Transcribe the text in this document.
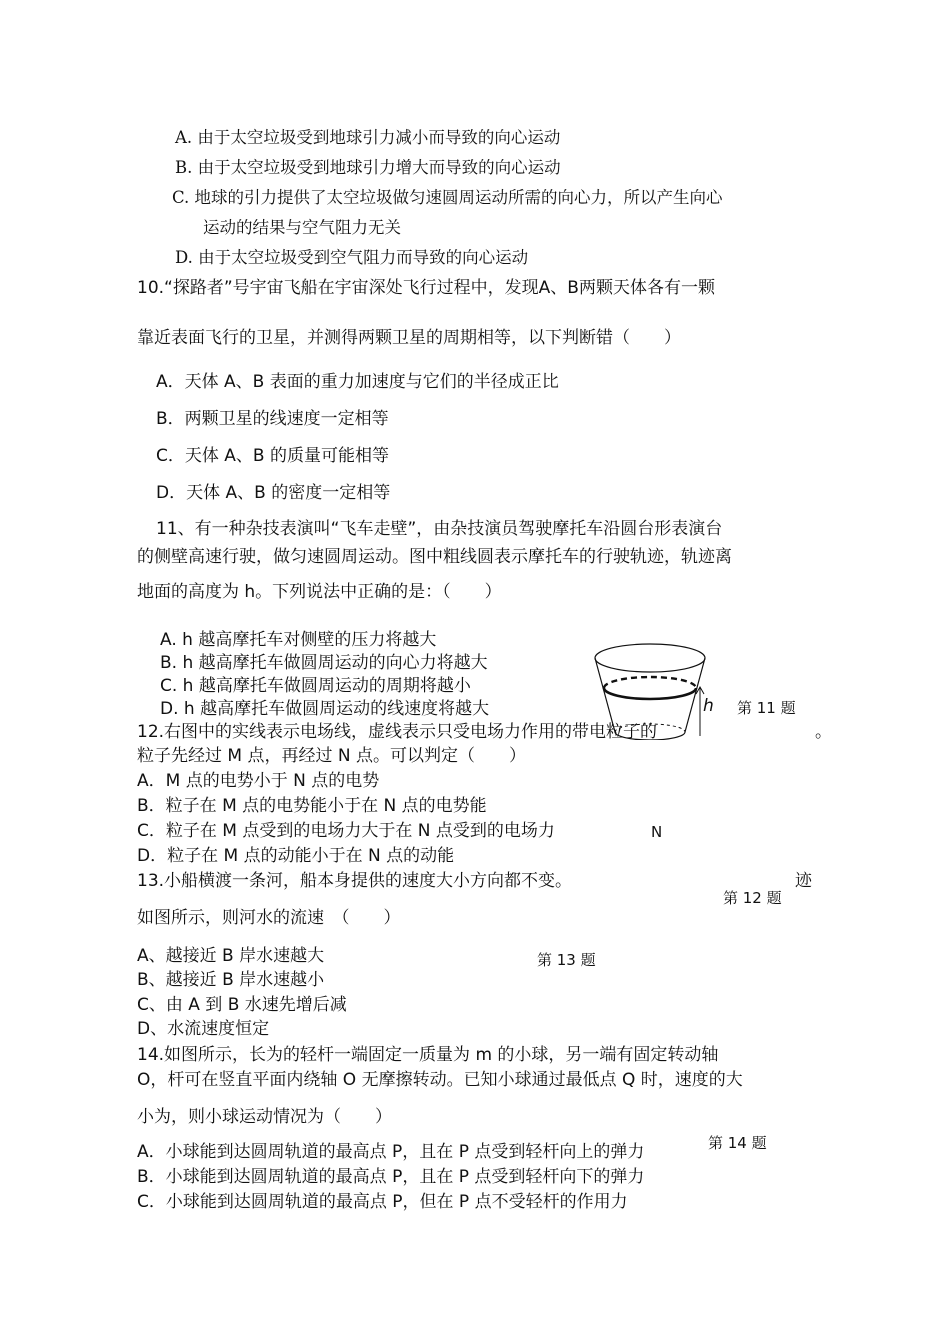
A. 由于太空垃圾受到地球引力减小而导致的向心运动
B. 由于太空垃圾受到地球引力增大而导致的向心运动
C. 地球的引力提供了太空垃圾做匀速圆周运动所需的向心力，所以产生向心
运动的结果与空气阻力无关
D. 由于太空垃圾受到空气阻力而导致的向心运动
10.“探路者”号宇宙飞船在宇宙深处飞行过程中，发现A、B两颗天体各有一颗
靠近表面飞行的卫星，并测得两颗卫星的周期相等，以下判断错（　　）
A．天体 A、B 表面的重力加速度与它们的半径成正比
B．两颗卫星的线速度一定相等
C．天体 A、B 的质量可能相等
D．天体 A、B 的密度一定相等
11、有一种杂技表演叫“飞车走壁”，由杂技演员驾驶摩托车沿圆台形表演台
的侧壁高速行驶，做匀速圆周运动。图中粗线圆表示摩托车的行驶轨迹，轨迹离
地面的高度为 h。下列说法中正确的是：（　　）
A. h 越高摩托车对侧壁的压力将越大
B. h 越高摩托车做圆周运动的向心力将越大
C. h 越高摩托车做圆周运动的周期将越小
D. h 越高摩托车做圆周运动的线速度将越大	h 第 11 题
12.右图中的实线表示电场线，虚线表示只受电场力作用的带电粒子的	。
粒子先经过 M 点，再经过 N 点。可以判定（　　）
A．M 点的电势小于 N 点的电势
B．粒子在 M 点的电势能小于在 N 点的电势能
C．粒子在 M 点受到的电场力大于在 N 点受到的电场力
D．粒子在 M 点的动能小于在 N 点的动能
N
第 12 题
13.小船横渡一条河，船本身提供的速度大小方向都不变。	迹
如图所示，则河水的流速　（　　）
第 13 题
A、越接近 B 岸水速越大
B、越接近 B 岸水速越小
C、由 A 到 B 水速先增后减
D、水流速度恒定
14.如图所示，长为的轻杆一端固定一质量为 m 的小球，另一端有固定转动轴
O，杆可在竖直平面内绕轴 O 无摩擦转动。已知小球通过最低点 Q 时，速度的大
小为，则小球运动情况为（　　）
第 14 题
A．小球能到达圆周轨道的最高点 P，且在 P 点受到轻杆向上的弹力
B．小球能到达圆周轨道的最高点 P，且在 P 点受到轻杆向下的弹力
C．小球能到达圆周轨道的最高点 P，但在 P 点不受轻杆的作用力
